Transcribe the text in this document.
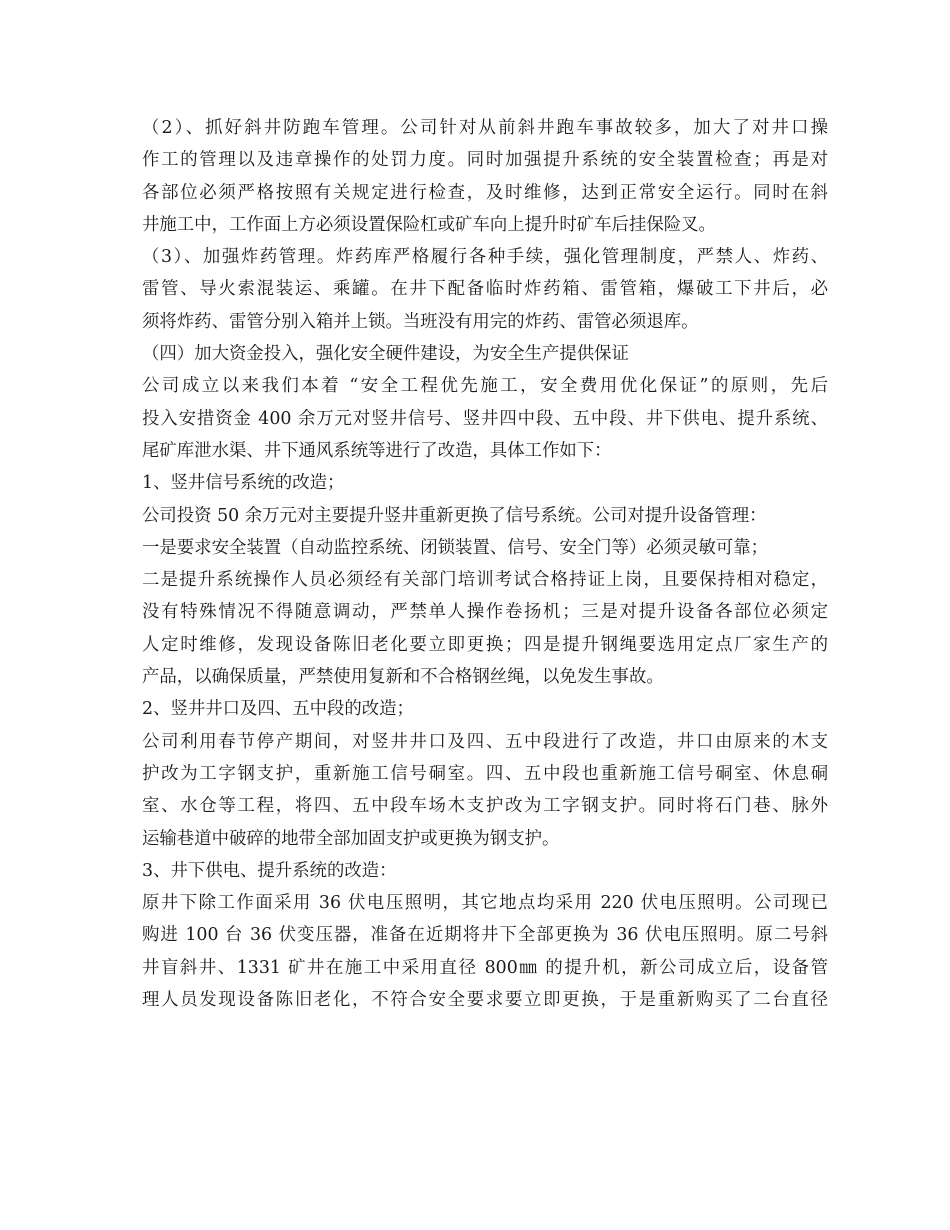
（2）、抓好斜井防跑车管理。公司针对从前斜井跑车事故较多，加大了对井口操
作工的管理以及违章操作的处罚力度。同时加强提升系统的安全装置检查；再是对
各部位必须严格按照有关规定进行检查，及时维修，达到正常安全运行。同时在斜
井施工中，工作面上方必须设置保险杠或矿车向上提升时矿车后挂保险叉。
（3）、加强炸药管理。炸药库严格履行各种手续，强化管理制度，严禁人、炸药、
雷管、导火索混装运、乘罐。在井下配备临时炸药箱、雷管箱，爆破工下井后，必
须将炸药、雷管分别入箱并上锁。当班没有用完的炸药、雷管必须退库。
（四）加大资金投入，强化安全硬件建设，为安全生产提供保证
公司成立以来我们本着 “安全工程优先施工，安全费用优化保证”的原则，先后
投入安措资金 400 余万元对竖井信号、竖井四中段、五中段、井下供电、提升系统、
尾矿库泄水渠、井下通风系统等进行了改造，具体工作如下：
1、竖井信号系统的改造；
公司投资 50 余万元对主要提升竖井重新更换了信号系统。公司对提升设备管理：
一是要求安全装置（自动监控系统、闭锁装置、信号、安全门等）必须灵敏可靠；
二是提升系统操作人员必须经有关部门培训考试合格持证上岗，且要保持相对稳定，
没有特殊情况不得随意调动，严禁单人操作卷扬机；三是对提升设备各部位必须定
人定时维修，发现设备陈旧老化要立即更换；四是提升钢绳要选用定点厂家生产的
产品，以确保质量，严禁使用复新和不合格钢丝绳，以免发生事故。
2、竖井井口及四、五中段的改造；
公司利用春节停产期间，对竖井井口及四、五中段进行了改造，井口由原来的木支
护改为工字钢支护，重新施工信号硐室。四、五中段也重新施工信号硐室、休息硐
室、水仓等工程，将四、五中段车场木支护改为工字钢支护。同时将石门巷、脉外
运输巷道中破碎的地带全部加固支护或更换为钢支护。
3、井下供电、提升系统的改造：
原井下除工作面采用 36 伏电压照明，其它地点均采用 220 伏电压照明。公司现已
购进 100 台 36 伏变压器，准备在近期将井下全部更换为 36 伏电压照明。原二号斜
井盲斜井、1331 矿井在施工中采用直径 800㎜ 的提升机，新公司成立后，设备管
理人员发现设备陈旧老化，不符合安全要求要立即更换，于是重新购买了二台直径
